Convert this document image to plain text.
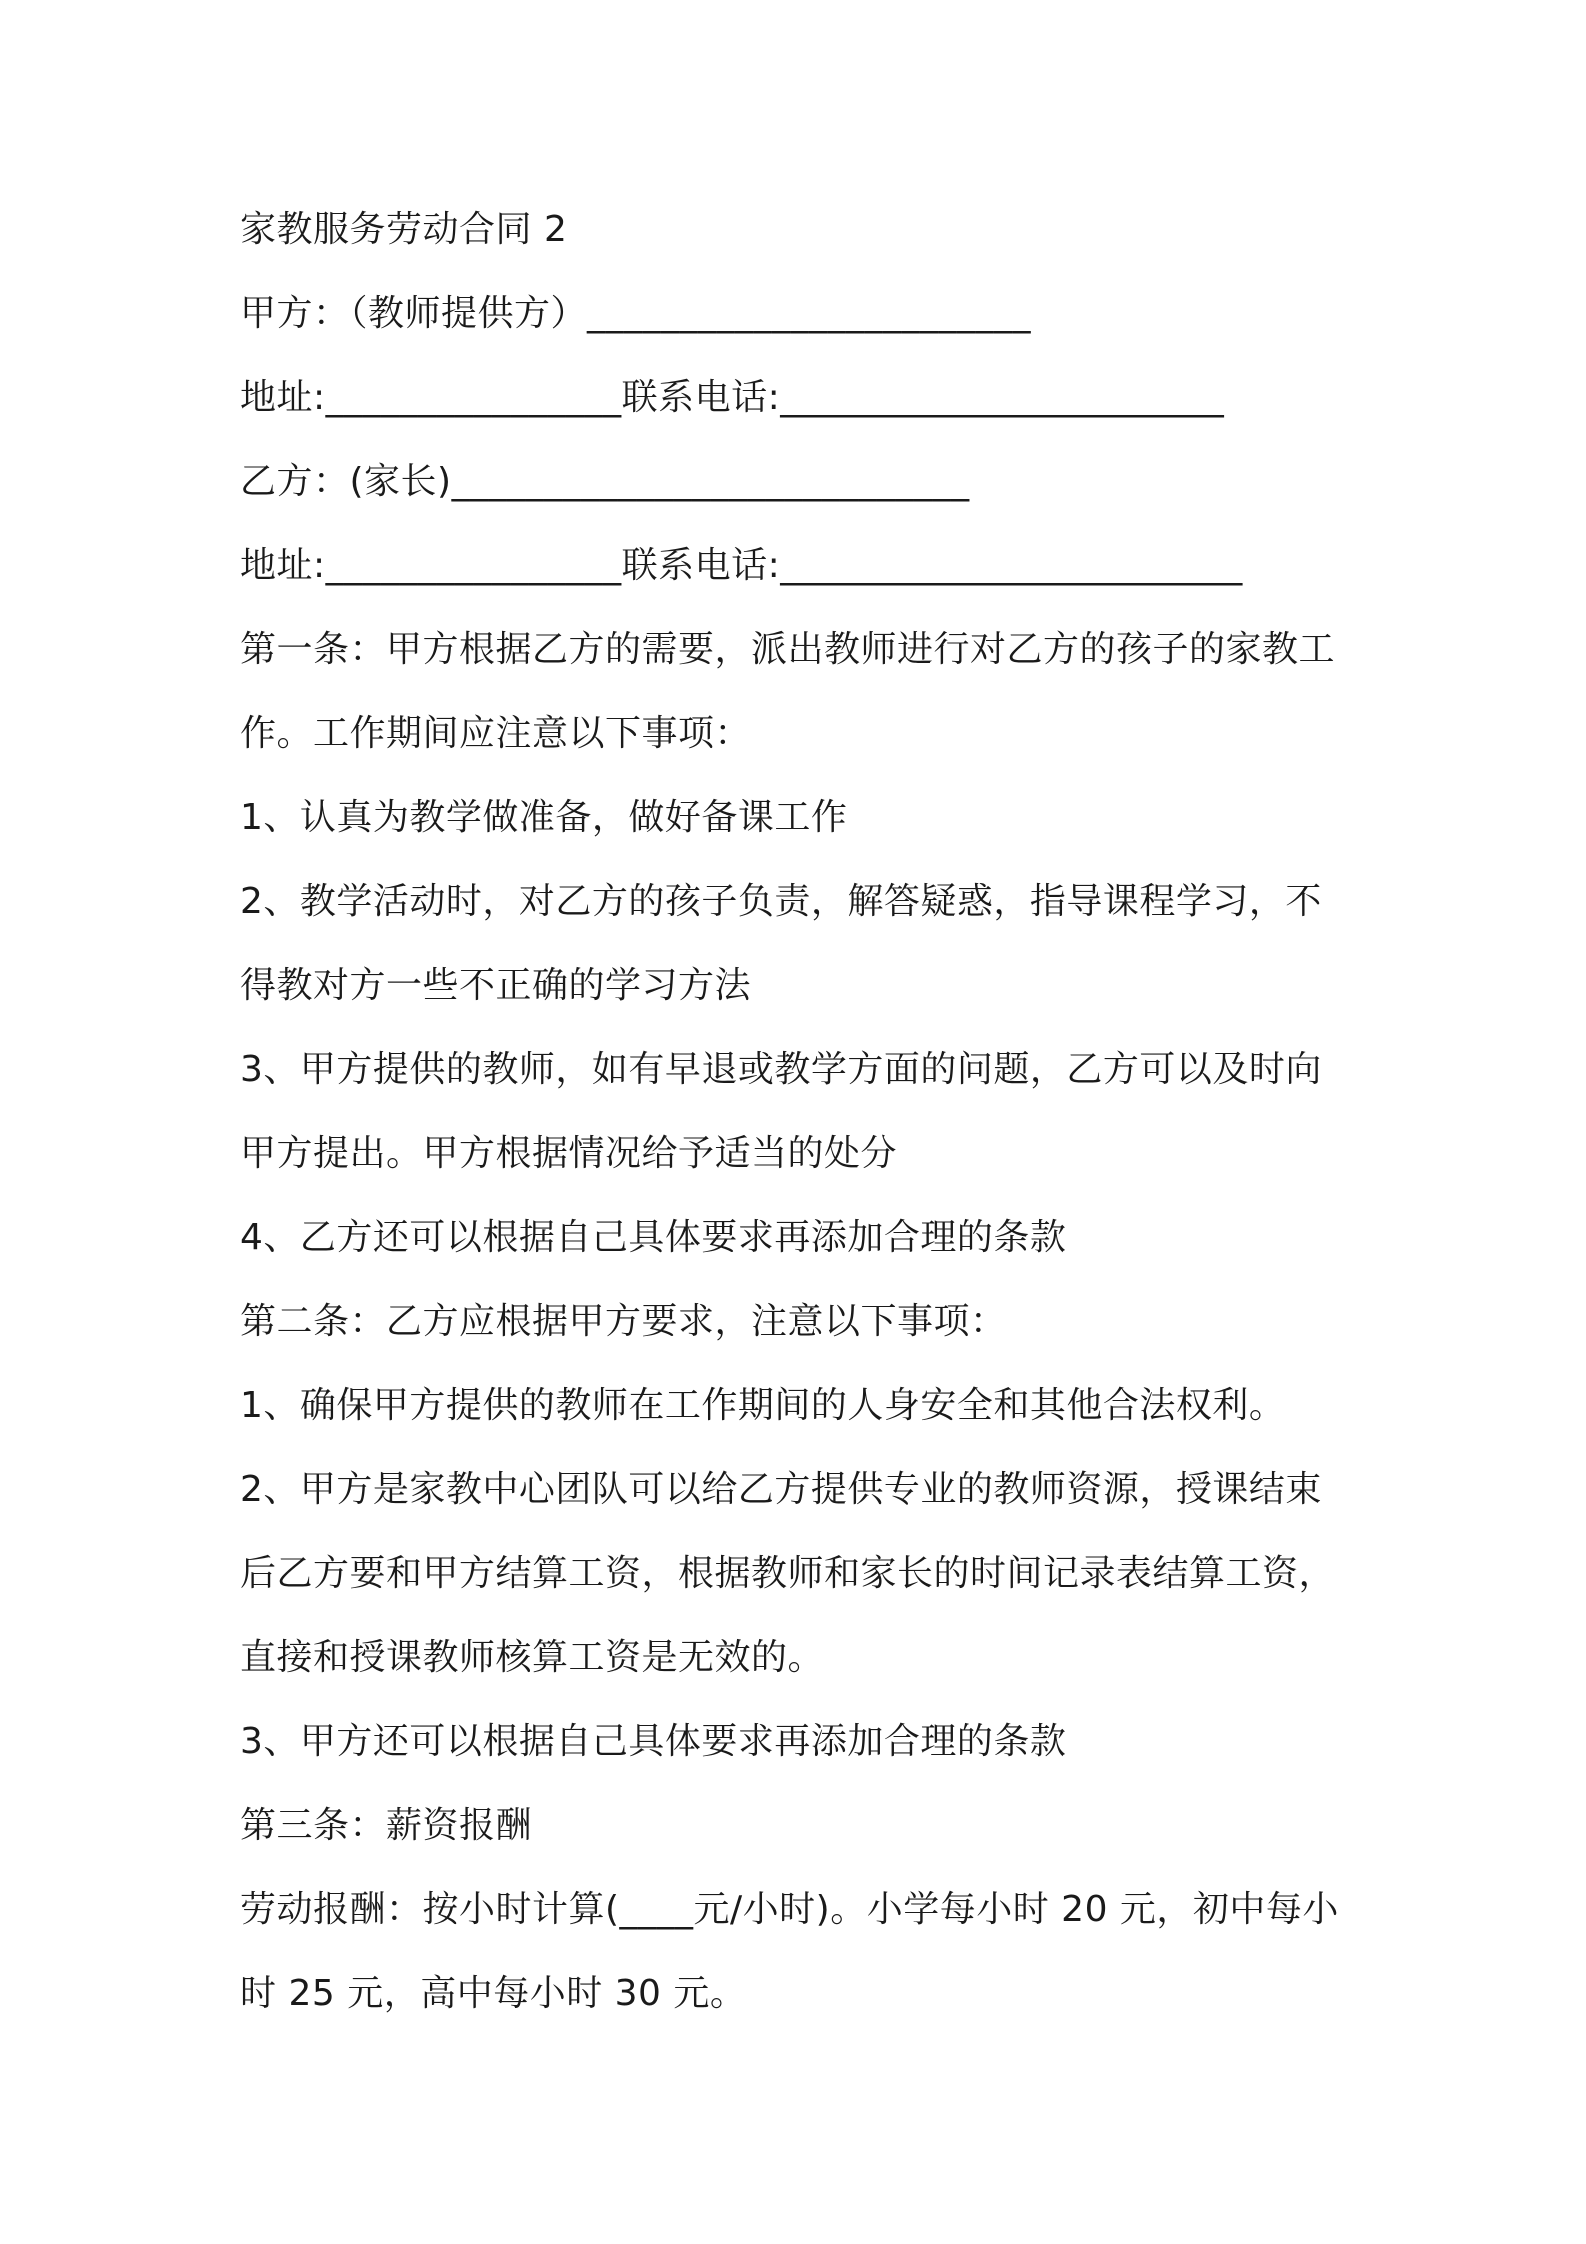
家教服务劳动合同 2
甲方：（教师提供方）________________________
地址:________________联系电话:________________________
乙方：(家长)____________________________
地址:________________联系电话:_________________________
第一条：甲方根据乙方的需要，派出教师进行对乙方的孩子的家教工
作。工作期间应注意以下事项：
1、认真为教学做准备，做好备课工作
2、教学活动时，对乙方的孩子负责，解答疑惑，指导课程学习，不
得教对方一些不正确的学习方法
3、甲方提供的教师，如有早退或教学方面的问题，乙方可以及时向
甲方提出。甲方根据情况给予适当的处分
4、乙方还可以根据自己具体要求再添加合理的条款
第二条：乙方应根据甲方要求，注意以下事项：
1、确保甲方提供的教师在工作期间的人身安全和其他合法权利。
2、甲方是家教中心团队可以给乙方提供专业的教师资源，授课结束
后乙方要和甲方结算工资，根据教师和家长的时间记录表结算工资，
直接和授课教师核算工资是无效的。
3、甲方还可以根据自己具体要求再添加合理的条款
第三条：薪资报酬
劳动报酬：按小时计算(____元/小时)。小学每小时 20 元，初中每小
时 25 元，高中每小时 30 元。
